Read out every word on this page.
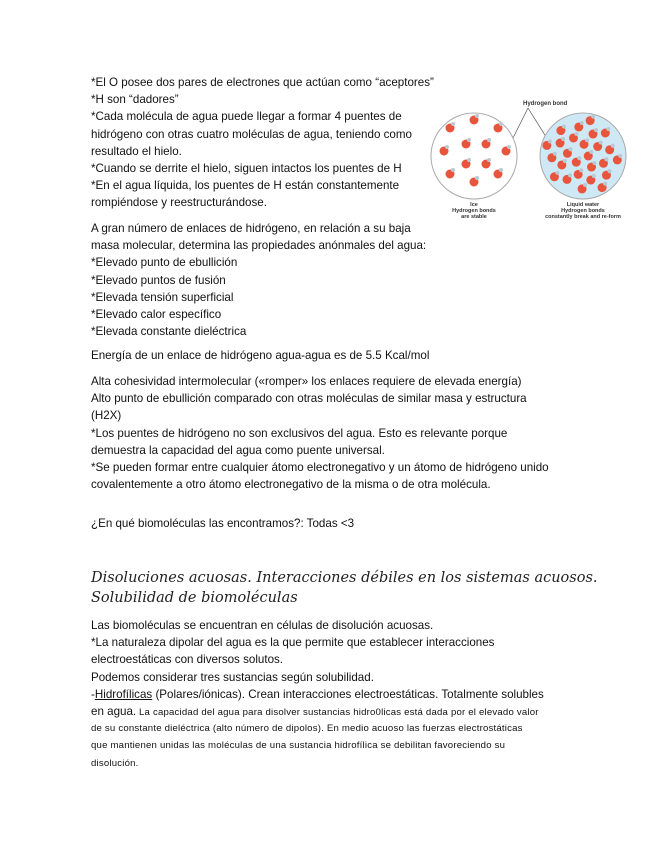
*El O posee dos pares de electrones que actúan como “aceptores”
*H son “dadores”
*Cada molécula de agua puede llegar a formar 4 puentes de
hidrógeno con otras cuatro moléculas de agua, teniendo como
resultado el hielo.
*Cuando se derrite el hielo, siguen intactos los puentes de H
*En el agua líquida, los puentes de H están constantemente
rompiéndose y reestructurándose.
Hydrogen bond
Ice
Hydrogen bonds
are stable
Liquid water
Hydrogen bonds
constantly break and re-form
A gran número de enlaces de hidrógeno, en relación a su baja
masa molecular, determina las propiedades anónmales del agua:
*Elevado punto de ebullición
*Elevado puntos de fusión
*Elevada tensión superficial
*Elevado calor específico
*Elevada constante dieléctrica
Energía de un enlace de hidrógeno agua-agua es de 5.5 Kcal/mol
Alta cohesividad intermolecular («romper» los enlaces requiere de elevada energía)
Alto punto de ebullición comparado con otras moléculas de similar masa y estructura
(H2X)
*Los puentes de hidrógeno no son exclusivos del agua. Esto es relevante porque
demuestra la capacidad del agua como puente universal.
*Se pueden formar entre cualquier átomo electronegativo y un átomo de hidrógeno unido
covalentemente a otro átomo electronegativo de la misma o de otra molécula.
¿En qué biomoléculas las encontramos?: Todas <3
Disoluciones acuosas. Interacciones débiles en los sistemas acuosos.
Solubilidad de biomoléculas
Las biomoléculas se encuentran en células de disolución acuosas.
*La naturaleza dipolar del agua es la que permite que establecer interacciones
electroestáticas con diversos solutos.
Podemos considerar tres sustancias según solubilidad.
-Hidrofílicas (Polares/iónicas). Crean interacciones electroestáticas. Totalmente solubles
en agua. La capacidad del agua para disolver sustancias hidro0licas está dada por el elevado valor
de su constante dieléctrica (alto número de dipolos). En medio acuoso las fuerzas electrostáticas
que mantienen unidas las moléculas de una sustancia hidrofílica se debilitan favoreciendo su
disolución.
